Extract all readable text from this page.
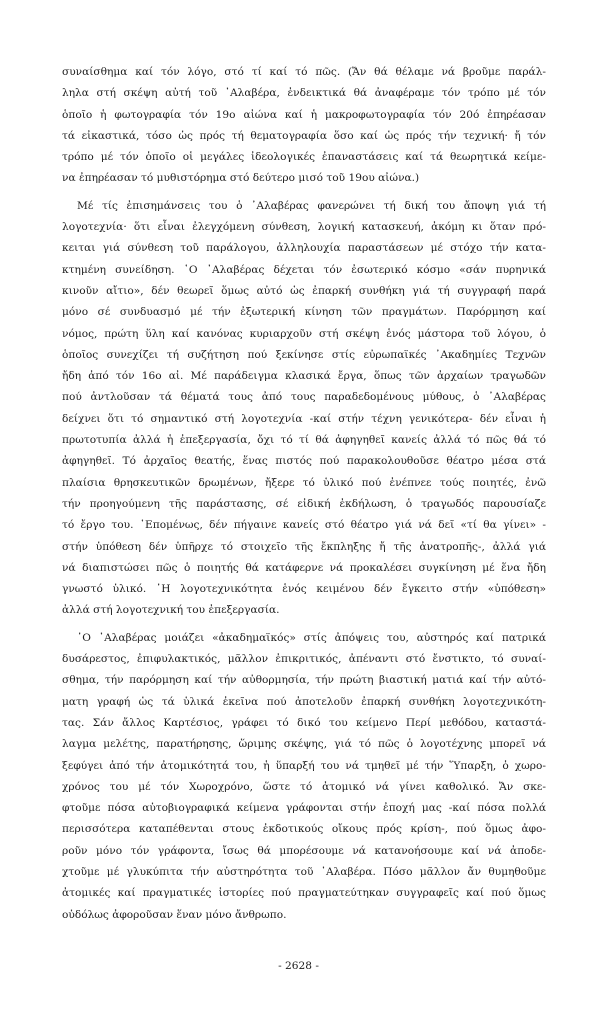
συναίσθημα καί τόν λόγο, στό τί καί τό πῶς. (Ἄν θά θέλαμε νά βροῦμε παράλ-
ληλα στή σκέψη αὐτή τοῦ ᾿Αλαβέρα, ἐνδεικτικά θά ἀναφέραμε τόν τρόπο μέ τόν
ὁποῖο ἡ φωτογραφία τόν 19ο αἰώνα καί ἡ μακροφωτογραφία τόν 20ό ἐπηρέασαν
τά εἰκαστικά, τόσο ὡς πρός τή θεματογραφία ὅσο καί ὡς πρός τήν τεχνική· ἤ τόν
τρόπο μέ τόν ὁποῖο οἱ μεγάλες ἰδεολογικές ἐπαναστάσεις καί τά θεωρητικά κείμε-
να ἐπηρέασαν τό μυθιστόρημα στό δεύτερο μισό τοῦ 19ου αἰώνα.)

Μέ τίς ἐπισημάνσεις του ὁ ᾿Αλαβέρας φανερώνει τή δική του ἄποψη γιά τή
λογοτεχνία· ὅτι εἶναι ἐλεγχόμενη σύνθεση, λογική κατασκευή, ἀκόμη κι ὅταν πρό-
κειται γιά σύνθεση τοῦ παράλογου, ἀλληλουχία παραστάσεων μέ στόχο τήν κατα-
κτημένη συνείδηση. ῾Ο ᾿Αλαβέρας δέχεται τόν ἐσωτερικό κόσμο «σάν πυρηνικά
κινοῦν αἴτιο», δέν θεωρεῖ ὅμως αὐτό ὡς ἐπαρκή συνθήκη γιά τή συγγραφή παρά
μόνο σέ συνδυασμό μέ τήν ἐξωτερική κίνηση τῶν πραγμάτων. Παρόρμηση καί
νόμος, πρώτη ὕλη καί κανόνας κυριαρχοῦν στή σκέψη ἑνός μάστορα τοῦ λόγου, ὁ
ὁποῖος συνεχίζει τή συζήτηση πού ξεκίνησε στίς εὐρωπαϊκές ᾿Ακαδημίες Τεχνῶν
ἤδη ἀπό τόν 16ο αἰ. Μέ παράδειγμα κλασικά ἔργα, ὅπως τῶν ἀρχαίων τραγωδῶν
πού ἀντλοῦσαν τά θέματά τους ἀπό τους παραδεδομένους μύθους, ὁ ᾿Αλαβέρας
δείχνει ὅτι τό σημαντικό στή λογοτεχνία -καί στήν τέχνη γενικότερα- δέν εἶναι ἡ
πρωτοτυπία ἀλλά ἡ ἐπεξεργασία, ὄχι τό τί θά ἀφηγηθεῖ κανείς ἀλλά τό πῶς θά τό
ἀφηγηθεῖ. Τό ἀρχαῖος θεατής, ἕνας πιστός πού παρακολουθοῦσε θέατρο μέσα στά
πλαίσια θρησκευτικῶν δρωμένων, ἤξερε τό ὑλικό πού ἐνέπνεε τούς ποιητές, ἐνῶ
τήν προηγούμενη τῆς παράστασης, σέ εἰδική ἐκδήλωση, ὁ τραγωδός παρουσίαζε
τό ἔργο του. ῾Επομένως, δέν πήγαινε κανείς στό θέατρο γιά νά δεῖ «τί θα γίνει» -
στήν ὑπόθεση δέν ὑπῆρχε τό στοιχεῖο τῆς ἔκπληξης ἤ τῆς ἀνατροπῆς-, ἀλλά γιά
νά διαπιστώσει πῶς ὁ ποιητής θά κατάφερνε νά προκαλέσει συγκίνηση μέ ἕνα ἤδη
γνωστό ὑλικό. ῾Η λογοτεχνικότητα ἑνός κειμένου δέν ἔγκειτο στήν «ὑπόθεση»
ἀλλά στή λογοτεχνική του ἐπεξεργασία.

῾Ο ᾿Αλαβέρας μοιάζει «ἀκαδημαϊκός» στίς ἀπόψεις του, αὐστηρός καί πατρικά
δυσάρεστος, ἐπιφυλακτικός, μᾶλλον ἐπικριτικός, ἀπέναντι στό ἔνστικτο, τό συναί-
σθημα, τήν παρόρμηση καί τήν αὐθορμησία, τήν πρώτη βιαστική ματιά καί τήν αὐτό-
ματη γραφή ὡς τά ὑλικά ἐκεῖνα πού ἀποτελοῦν ἐπαρκή συνθήκη λογοτεχνικότη-
τας. Σάν ἄλλος Καρτέσιος, γράφει τό δικό του κείμενο Περί μεθόδου, καταστά-
λαγμα μελέτης, παρατήρησης, ὥριμης σκέψης, γιά τό πῶς ὁ λογοτέχνης μπορεῖ νά
ξεφύγει ἀπό τήν ἀτομικότητά του, ἡ ὕπαρξή του νά τμηθεῖ μέ τήν Ὕπαρξη, ὁ χωρο-
χρόνος του μέ τόν Χωροχρόνο, ὥστε τό ἀτομικό νά γίνει καθολικό. Ἄν σκε-
φτοῦμε πόσα αὐτοβιογραφικά κείμενα γράφονται στήν ἐποχή μας -καί πόσα πολλά
περισσότερα καταπέθενται στους ἐκδοτικούς οἴκους πρός κρίση-, πού ὅμως ἀφο-
ροῦν μόνο τόν γράφοντα, ἴσως θά μπορέσουμε νά κατανοήσουμε καί νά ἀποδε-
χτοῦμε μέ γλυκύπιτα τήν αὐστηρότητα τοῦ ᾿Αλαβέρα. Πόσο μᾶλλον ἄν θυμηθοῦμε
ἀτομικές καί πραγματικές ἱστορίες πού πραγματεύτηκαν συγγραφεῖς καί πού ὅμως
οὐδόλως ἀφοροῦσαν ἕναν μόνο ἄνθρωπο.

- 2628 -
